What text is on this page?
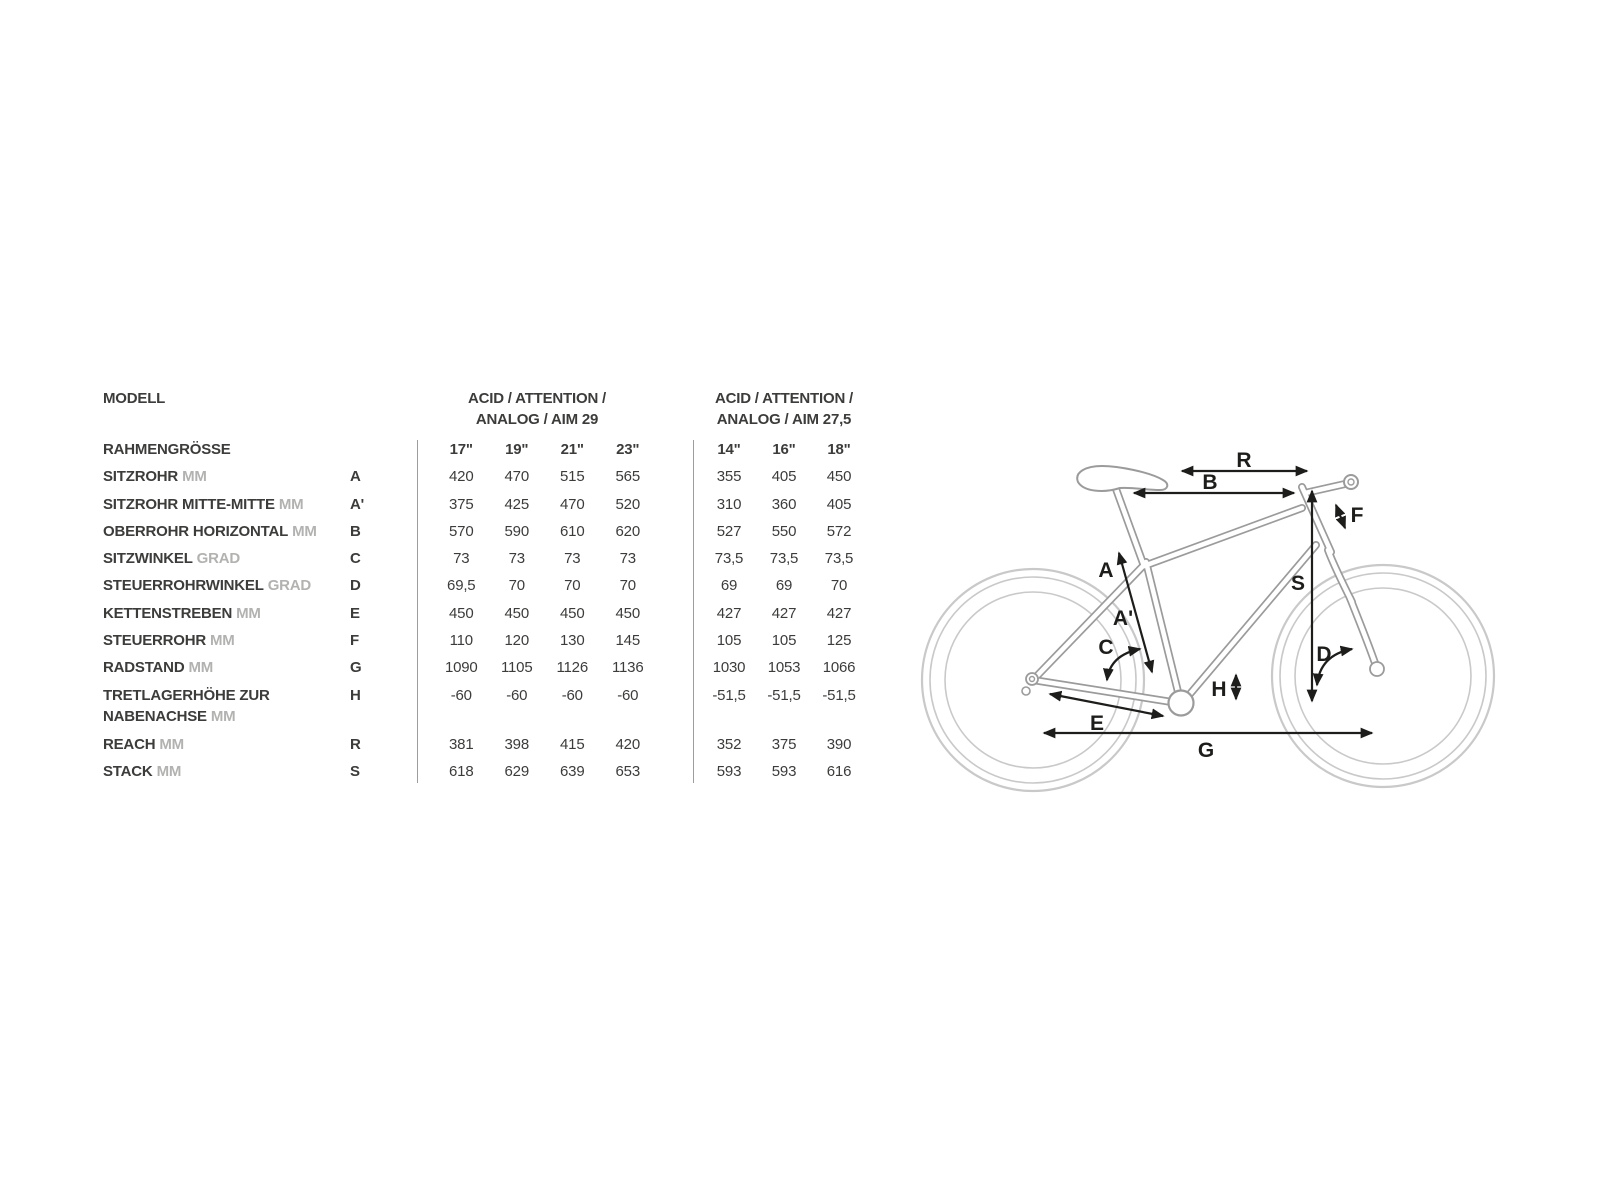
MODELL	ACID / ATTENTION /
ANALOG / AIM 29
ACID / ATTENTION /
ANALOG / AIM 27,5
RAHMENGRÖSSE	17"	19"	21"	23"	14"	16"	18"
SITZROHR MM	A	420	470	515	565	355	405	450
SITZROHR MITTE-MITTE MM	A'	375	425	470	520	310	360	405
OBERROHR HORIZONTAL MM	B	570	590	610	620	527	550	572
SITZWINKEL GRAD	C	73	73	73	73	73,5	73,5	73,5
STEUERROHRWINKEL GRAD	D	69,5	70	70	70	69	69	70
KETTENSTREBEN MM	E	450	450	450	450	427	427	427
STEUERROHR MM	F	110	120	130	145	105	105	125
RADSTAND MM	G	1090	1105	1126	1136	1030	1053	1066
TRETLAGERHÖHE ZUR NABENACHSE MM
H	-60	-60	-60	-60	-51,5	-51,5	-51,5
REACH MM	R	381	398	415	420	352	375	390
STACK MM	S	618	629	639	653	593	593	616
R
B
F
A
A'
C
S
D
E
H
G
